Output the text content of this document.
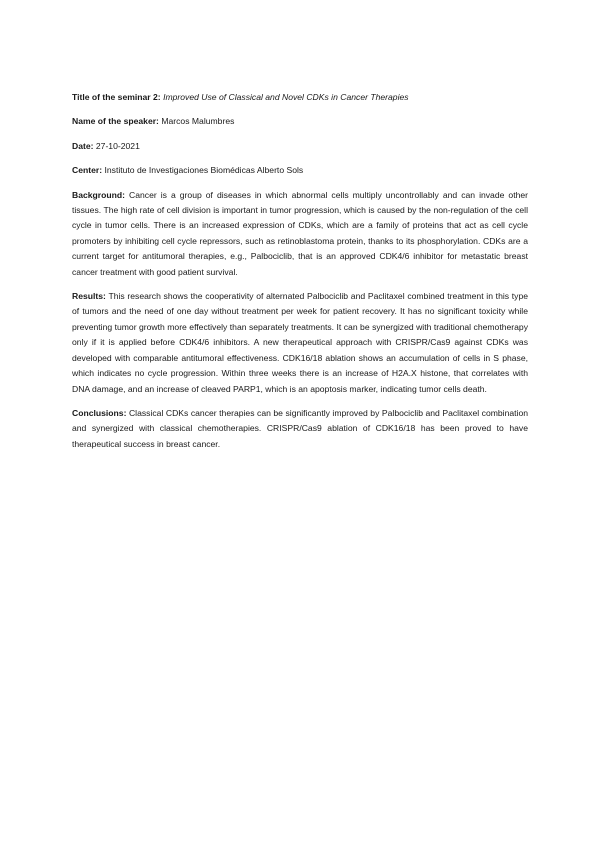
Title of the seminar 2: Improved Use of Classical and Novel CDKs in Cancer Therapies

Name of the speaker: Marcos Malumbres

Date: 27-10-2021

Center: Instituto de Investigaciones Biomédicas Alberto Sols

Background: Cancer is a group of diseases in which abnormal cells multiply uncontrollably and can invade other tissues. The high rate of cell division is important in tumor progression, which is caused by the non-regulation of the cell cycle in tumor cells. There is an increased expression of CDKs, which are a family of proteins that act as cell cycle promoters by inhibiting cell cycle repressors, such as retinoblastoma protein, thanks to its phosphorylation. CDKs are a current target for antitumoral therapies, e.g., Palbociclib, that is an approved CDK4/6 inhibitor for metastatic breast cancer treatment with good patient survival.

Results: This research shows the cooperativity of alternated Palbociclib and Paclitaxel combined treatment in this type of tumors and the need of one day without treatment per week for patient recovery. It has no significant toxicity while preventing tumor growth more effectively than separately treatments. It can be synergized with traditional chemotherapy only if it is applied before CDK4/6 inhibitors. A new therapeutical approach with CRISPR/Cas9 against CDKs was developed with comparable antitumoral effectiveness. CDK16/18 ablation shows an accumulation of cells in S phase, which indicates no cycle progression. Within three weeks there is an increase of H2A.X histone, that correlates with DNA damage, and an increase of cleaved PARP1, which is an apoptosis marker, indicating tumor cells death.

Conclusions: Classical CDKs cancer therapies can be significantly improved by Palbociclib and Paclitaxel combination and synergized with classical chemotherapies. CRISPR/Cas9 ablation of CDK16/18 has been proved to have therapeutical success in breast cancer.
